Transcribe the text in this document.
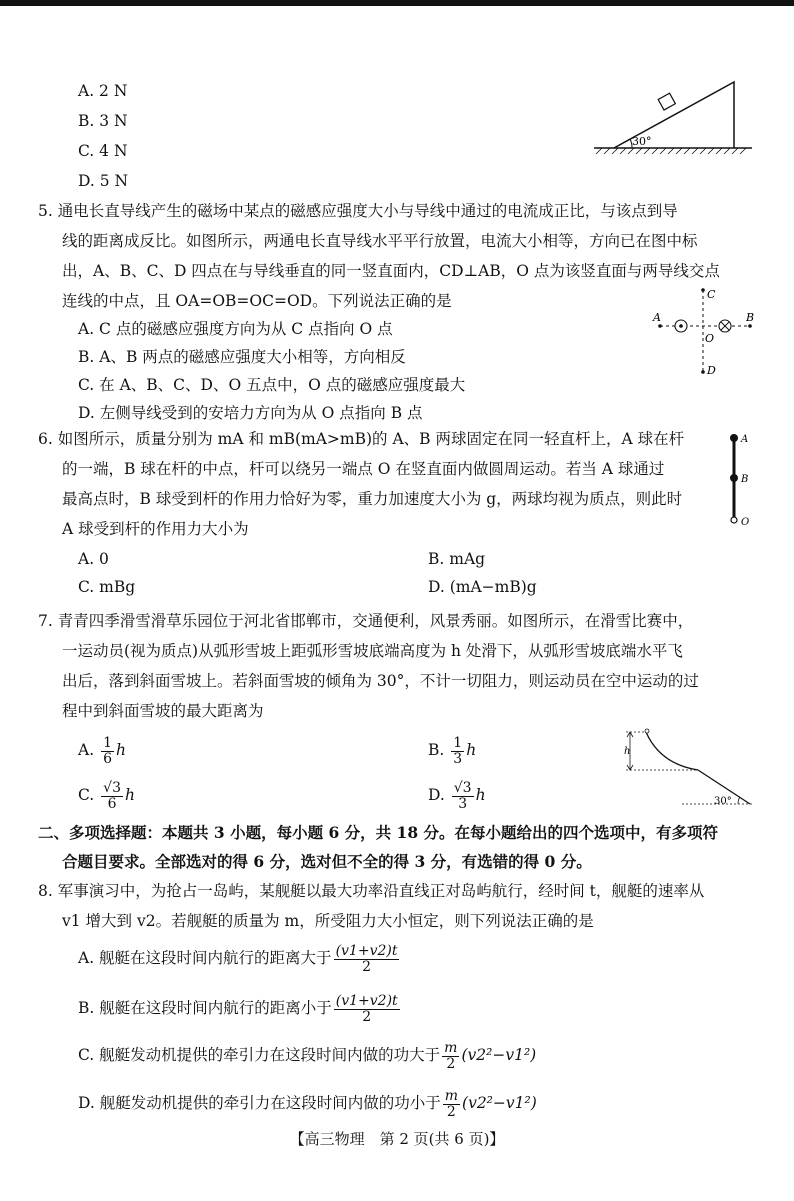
A. 2 N
B. 3 N
C. 4 N
D. 5 N
30°
5. 通电长直导线产生的磁场中某点的磁感应强度大小与导线中通过的电流成正比，与该点到导
线的距离成反比。如图所示，两通电长直导线水平平行放置，电流大小相等，方向已在图中标
出，A、B、C、D 四点在与导线垂直的同一竖直面内，CD⊥AB，O 点为该竖直面与两导线交点
连线的中点，且 OA=OB=OC=OD。下列说法正确的是
A. C 点的磁感应强度方向为从 C 点指向 O 点
B. A、B 两点的磁感应强度大小相等，方向相反
C. 在 A、B、C、D、O 五点中，O 点的磁感应强度最大
D. 左侧导线受到的安培力方向为从 O 点指向 B 点
A	B
C
D
O
6. 如图所示，质量分别为 mA 和 mB(mA>mB)的 A、B 两球固定在同一轻直杆上，A 球在杆
的一端，B 球在杆的中点，杆可以绕另一端点 O 在竖直面内做圆周运动。若当 A 球通过
最高点时，B 球受到杆的作用力恰好为零，重力加速度大小为 g，两球均视为质点，则此时
A 球受到杆的作用力大小为
A. 0	B. mAg
C. mBg	D. (mA−mB)g
A
B
O
7. 青青四季滑雪滑草乐园位于河北省邯郸市，交通便利，风景秀丽。如图所示，在滑雪比赛中，
一运动员(视为质点)从弧形雪坡上距弧形雪坡底端高度为 h 处滑下，从弧形雪坡底端水平飞
出后，落到斜面雪坡上。若斜面雪坡的倾角为 30°，不计一切阻力，则运动员在空中运动的过
程中到斜面雪坡的最大距离为
A. $\frac{1}{6}$ h	B. $\frac{1}{3}$ h
C. $\frac{√3}{6}$ h	D. $\frac{√3}{3}$ h
h
30°
二、多项选择题：本题共 3 小题，每小题 6 分，共 18 分。在每小题给出的四个选项中，有多项符
合题目要求。全部选对的得 6 分，选对但不全的得 3 分，有选错的得 0 分。
8. 军事演习中，为抢占一岛屿，某舰艇以最大功率沿直线正对岛屿航行，经时间 t，舰艇的速率从
v1 增大到 v2。若舰艇的质量为 m，所受阻力大小恒定，则下列说法正确的是
A. 舰艇在这段时间内航行的距离大于 $\frac{(v1+v2)t}{2}$
B. 舰艇在这段时间内航行的距离小于 $\frac{(v1+v2)t}{2}$
C. 舰艇发动机提供的牵引力在这段时间内做的功大于 $\frac{m}{2} (v2^2-v1^2)$
D. 舰艇发动机提供的牵引力在这段时间内做的功小于 $\frac{m}{2} (v2^2-v1^2)$
【高三物理　第 2 页(共 6 页)】
